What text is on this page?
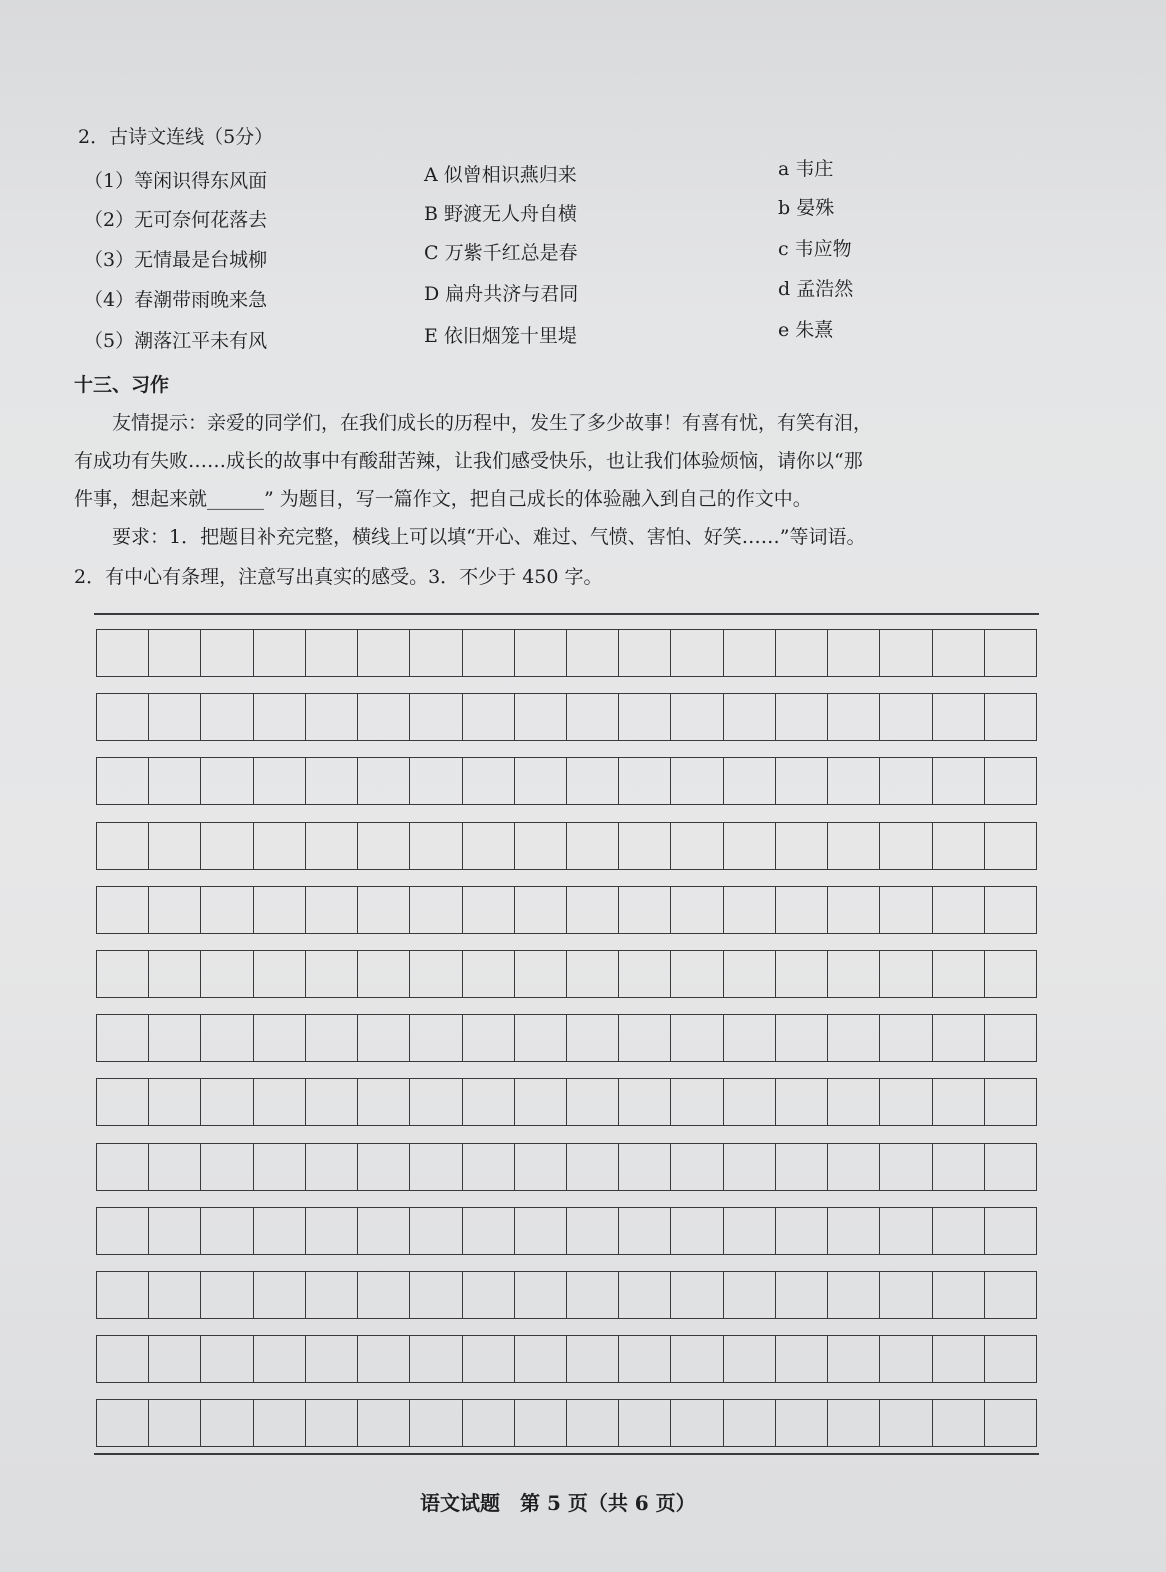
2．古诗文连线（5分）
（1）等闲识得东风面
（2）无可奈何花落去
（3）无情最是台城柳
（4）春潮带雨晚来急
（5）潮落江平未有风
A 似曾相识燕归来
B 野渡无人舟自横
C 万紫千红总是春
D 扁舟共济与君同
E 依旧烟笼十里堤
a 韦庄
b 晏殊
c 韦应物
d 孟浩然
e 朱熹
十三、习作
　　友情提示：亲爱的同学们，在我们成长的历程中，发生了多少故事！有喜有忧，有笑有泪，
有成功有失败……成长的故事中有酸甜苦辣，让我们感受快乐，也让我们体验烦恼，请你以“那
件事，想起来就______” 为题目，写一篇作文，把自己成长的体验融入到自己的作文中。
　　要求：1．把题目补充完整，横线上可以填“开心、难过、气愤、害怕、好笑……”等词语。
2．有中心有条理，注意写出真实的感受。3．不少于 450 字。
语文试题　第 5 页（共 6 页）
